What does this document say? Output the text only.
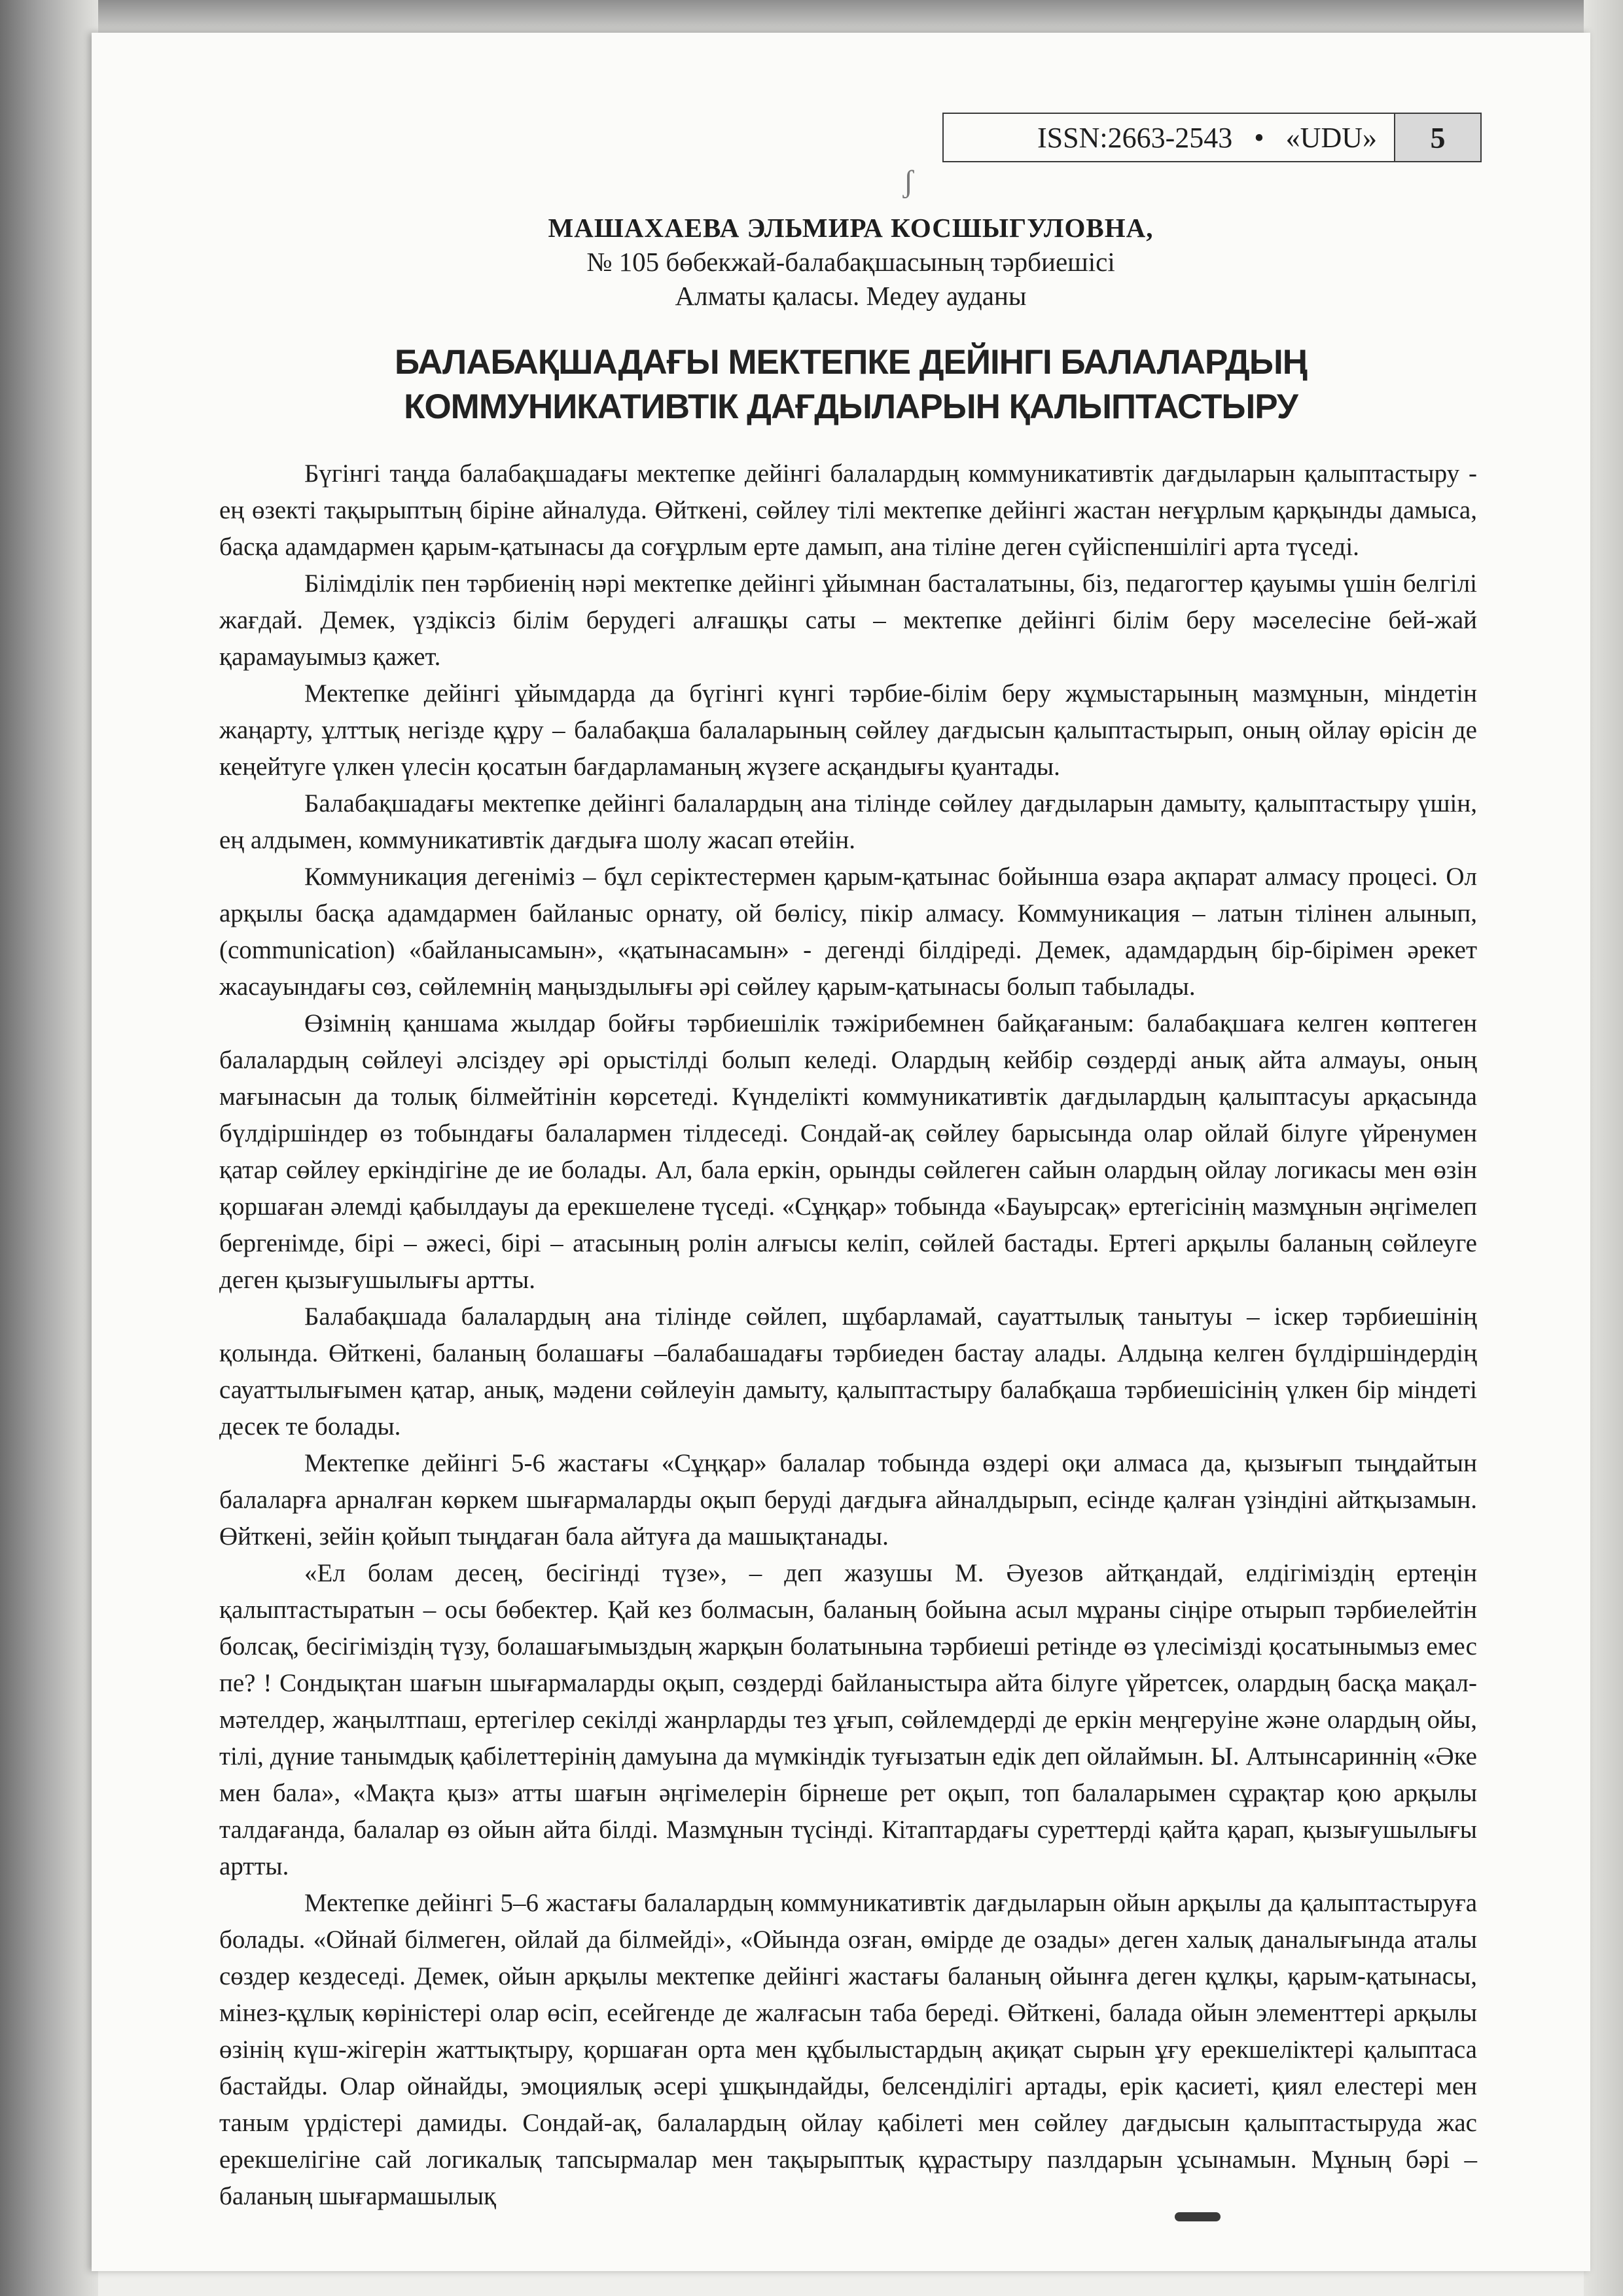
ISSN:2663-2543 • «UDU»	5
ʃ
МАШАХАЕВА ЭЛЬМИРА КОСШЫГУЛОВНА,
№ 105 бөбекжай-балабақшасының тәрбиешісі
Алматы қаласы. Медеу ауданы
БАЛАБАҚШАДАҒЫ МЕКТЕПКЕ ДЕЙІНГІ БАЛАЛАРДЫҢ
КОММУНИКАТИВТІК ДАҒДЫЛАРЫН ҚАЛЫПТАСТЫРУ

Бүгінгі таңда балабақшадағы мектепке дейінгі балалардың коммуникативтік дағдыларын қалыптастыру - ең өзекті тақырыптың біріне айналуда. Өйткені, сөйлеу тілі мектепке дейінгі жастан неғұрлым қарқынды дамыса, басқа адамдармен қарым-қатынасы да соғұрлым ерте дамып, ана тіліне деген сүйіспеншілігі арта түседі.

Білімділік пен тәрбиенің нәрі мектепке дейінгі ұйымнан басталатыны, біз, педагогтер қауымы үшін белгілі жағдай. Демек, үздіксіз білім берудегі алғашқы саты – мектепке дейінгі білім беру мәселесіне бей-жай қарамауымыз қажет.

Мектепке дейінгі ұйымдарда да бүгінгі күнгі тәрбие-білім беру жұмыстарының мазмұнын, міндетін жаңарту, ұлттық негізде құру – балабақша балаларының сөйлеу дағдысын қалыптастырып, оның ойлау өрісін де кеңейтуге үлкен үлесін қосатын бағдарламаның жүзеге асқандығы қуантады.

Балабақшадағы мектепке дейінгі балалардың ана тілінде сөйлеу дағдыларын дамыту, қалыптастыру үшін, ең алдымен, коммуникативтік дағдыға шолу жасап өтейін.

Коммуникация дегеніміз – бұл серіктестермен қарым-қатынас бойынша өзара ақпарат алмасу процесі. Ол арқылы басқа адамдармен байланыс орнату, ой бөлісу, пікір алмасу. Коммуникация – латын тілінен алынып, (communication) «байланысамын», «қатынасамын» - дегенді білдіреді. Демек, адамдардың бір-бірімен әрекет жасауындағы сөз, сөйлемнің маңыздылығы әрі сөйлеу қарым-қатынасы болып табылады.

Өзімнің қаншама жылдар бойғы тәрбиешілік тәжірибемнен байқағаным: балабақшаға келген көптеген балалардың сөйлеуі әлсіздеу әрі орыстілді болып келеді. Олардың кейбір сөздерді анық айта алмауы, оның мағынасын да толық білмейтінін көрсетеді. Күнделікті коммуникативтік дағдылардың қалыптасуы арқасында бүлдіршіндер өз тобындағы балалармен тілдеседі. Сондай-ақ сөйлеу барысында олар ойлай білуге үйренумен қатар сөйлеу еркіндігіне де ие болады. Ал, бала еркін, орынды сөйлеген сайын олардың ойлау логикасы мен өзін қоршаған әлемді қабылдауы да ерекшелене түседі. «Сұңқар» тобында «Бауырсақ» ертегісінің мазмұнын әңгімелеп бергенімде, бірі – әжесі, бірі – атасының ролін алғысы келіп, сөйлей бастады. Ертегі арқылы баланың сөйлеуге деген қызығушылығы артты.

Балабақшада балалардың ана тілінде сөйлеп, шұбарламай, сауаттылық танытуы – іскер тәрбиешінің қолында. Өйткені, баланың болашағы –балабашадағы тәрбиеден бастау алады. Алдыңа келген бүлдіршіндердің сауаттылығымен қатар, анық, мәдени сөйлеуін дамыту, қалыптастыру балабқаша тәрбиешісінің үлкен бір міндеті десек те болады.

Мектепке дейінгі 5-6 жастағы «Сұңқар» балалар тобында өздері оқи алмаса да, қызығып тыңдайтын балаларға арналған көркем шығармаларды оқып беруді дағдыға айналдырып, есінде қалған үзіндіні айтқызамын. Өйткені, зейін қойып тыңдаған бала айтуға да машықтанады.

«Ел болам десең, бесігінді түзе», – деп жазушы М. Әуезов айтқандай, елдігіміздің ертеңін қалыптастыратын – осы бөбектер. Қай кез болмасын, баланың бойына асыл мұраны сіңіре отырып тәрбиелейтін болсақ, бесігіміздің түзу, болашағымыздың жарқын болатынына тәрбиеші ретінде өз үлесімізді қосатынымыз емес пе? ! Сондықтан шағын шығармаларды оқып, сөздерді байланыстыра айта білуге үйретсек, олардың басқа мақал-мәтелдер, жаңылтпаш, ертегілер секілді жанрларды тез ұғып, сөйлемдерді де еркін меңгеруіне және олардың ойы, тілі, дүние танымдық қабілеттерінің дамуына да мүмкіндік туғызатын едік деп ойлаймын. Ы. Алтынсариннің «Әке мен бала», «Мақта қыз» атты шағын әңгімелерін бірнеше рет оқып, топ балаларымен сұрақтар қою арқылы талдағанда, балалар өз ойын айта білді. Мазмұнын түсінді. Кітаптардағы суреттерді қайта қарап, қызығушылығы артты.

Мектепке дейінгі 5–6 жастағы балалардың коммуникативтік дағдыларын ойын арқылы да қалыптастыруға болады. «Ойнай білмеген, ойлай да білмейді», «Ойында озған, өмірде де озады» деген халық даналығында аталы сөздер кездеседі. Демек, ойын арқылы мектепке дейінгі жастағы баланың ойынға деген құлқы, қарым-қатынасы, мінез-құлық көріністері олар өсіп, есейгенде де жалғасын таба береді. Өйткені, балада ойын элементтері арқылы өзінің күш-жігерін жаттықтыру, қоршаған орта мен құбылыстардың ақиқат сырын ұғу ерекшеліктері қалыптаса бастайды. Олар ойнайды, эмоциялық әсері ұшқындайды, белсенділігі артады, ерік қасиеті, қиял елестері мен таным үрдістері дамиды. Сондай-ақ, балалардың ойлау қабілеті мен сөйлеу дағдысын қалыптастыруда жас ерекшелігіне сай логикалық тапсырмалар мен тақырыптық құрастыру пазлдарын ұсынамын. Мұның бәрі – баланың шығармашылық
